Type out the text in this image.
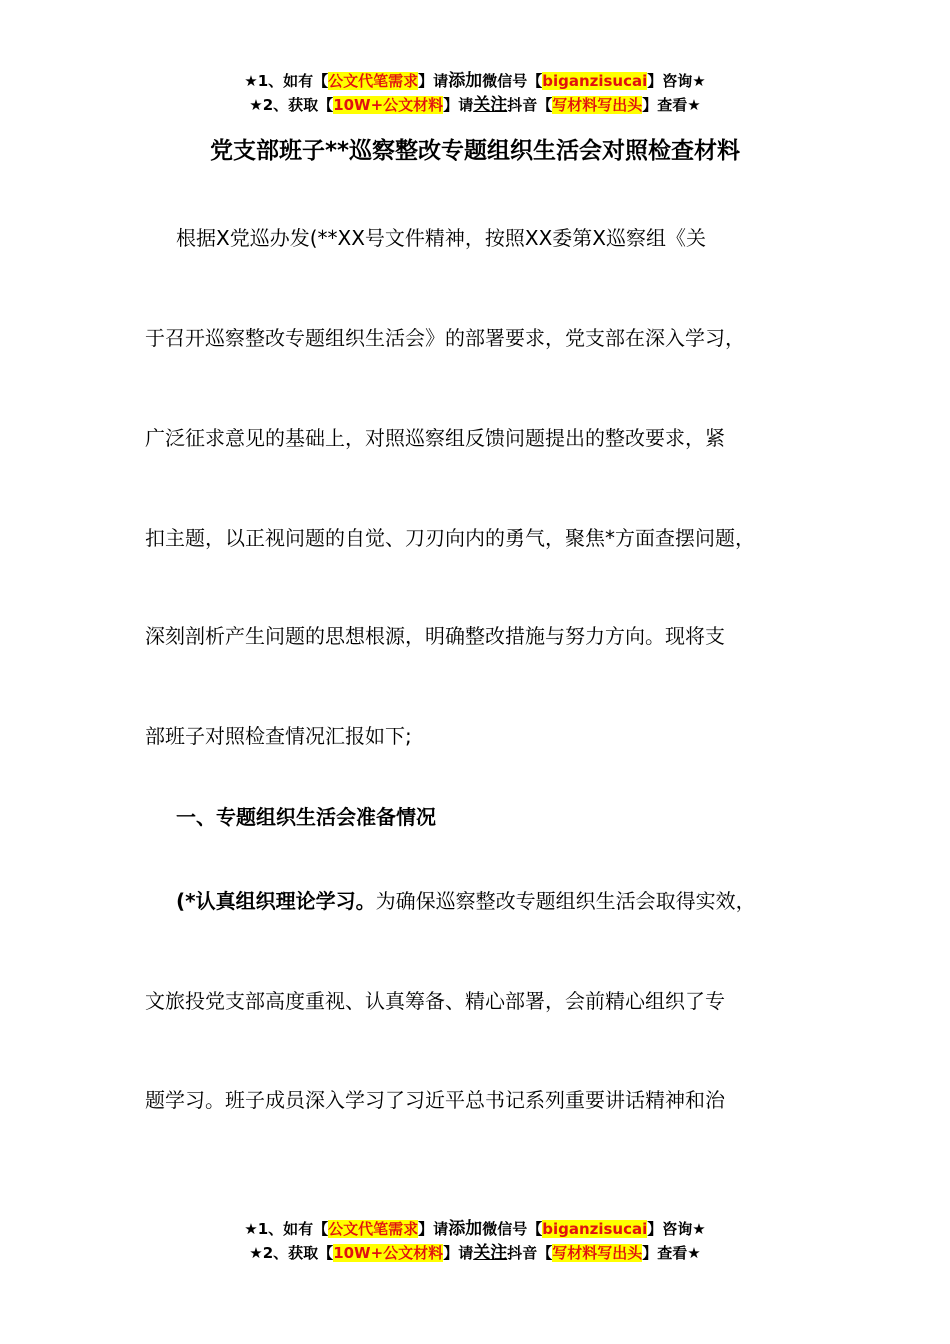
★1、如有【公文代笔需求】请添加微信号【biganzisucai】咨询★
★2、获取【10W+公文材料】请关注抖音【写材料写出头】查看★
党支部班子**巡察整改专题组织生活会对照检查材料
根据X党巡办发(**XX号文件精神，按照XX委第X巡察组《关
于召开巡察整改专题组织生活会》的部署要求，党支部在深入学习，
广泛征求意见的基础上，对照巡察组反馈问题提出的整改要求，紧
扣主题，以正视问题的自觉、刀刃向内的勇气，聚焦*方面查摆问题，
深刻剖析产生问题的思想根源，明确整改措施与努力方向。现将支
部班子对照检查情况汇报如下;
一、专题组织生活会准备情况
(*认真组织理论学习。为确保巡察整改专题组织生活会取得实效，
文旅投党支部高度重视、认真筹备、精心部署，会前精心组织了专
题学习。班子成员深入学习了习近平总书记系列重要讲话精神和治
★1、如有【公文代笔需求】请添加微信号【biganzisucai】咨询★
★2、获取【10W+公文材料】请关注抖音【写材料写出头】查看★
